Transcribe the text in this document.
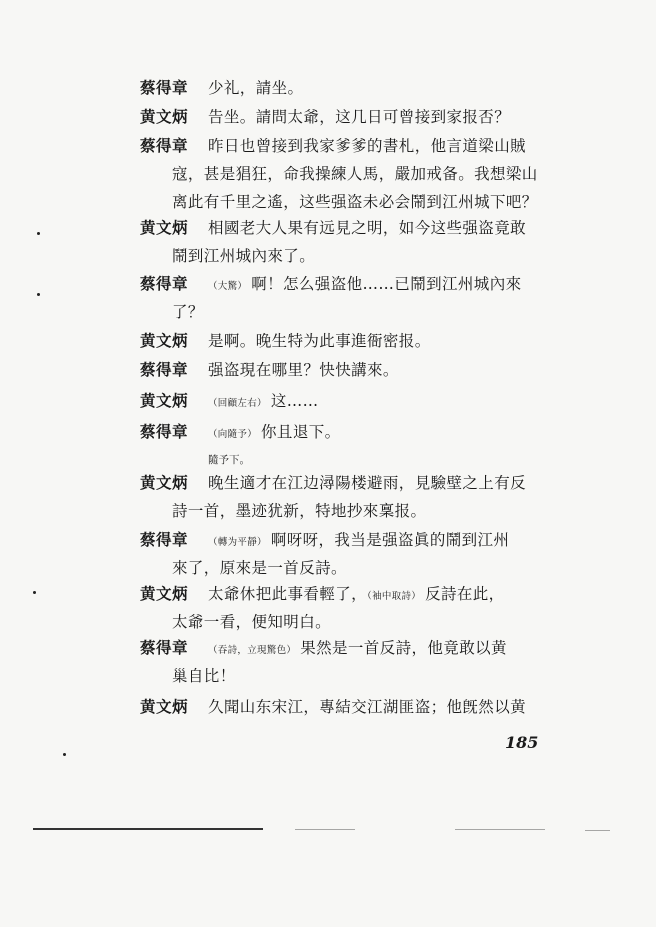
蔡得章 少礼，請坐。
黄文炳 告坐。請問太爺，这几日可曾接到家报否？
蔡得章 昨日也曾接到我家爹爹的書札，他言道梁山賊
寇，甚是猖狂，命我操練人馬，嚴加戒备。我想梁山
离此有千里之遙，这些强盗未必会鬧到江州城下吧？
黄文炳 相國老大人果有远見之明，如今这些强盗竟敢
鬧到江州城內來了。
蔡得章 （大驚） 啊！怎么强盗他……已鬧到江州城內來
了？
黄文炳 是啊。晚生特为此事進衙密报。
蔡得章 强盗現在哪里？快快講來。
黄文炳 （回顧左右） 这……
蔡得章 （向隨予） 你且退下。
隨予下。
黄文炳 晚生適才在江边潯陽楼避雨，見驗壁之上有反
詩一首，墨迹犹新，特地抄來稟报。
蔡得章 （轉为平靜） 啊呀呀，我当是强盗眞的鬧到江州
來了，原來是一首反詩。
黄文炳 太爺休把此事看輕了，（袖中取詩） 反詩在此，
太爺一看，便知明白。
蔡得章 （吞詩，立現驚色） 果然是一首反詩，他竟敢以黄
巢自比！
黄文炳 久聞山东宋江，專結交江湖匪盗；他旣然以黄
185
